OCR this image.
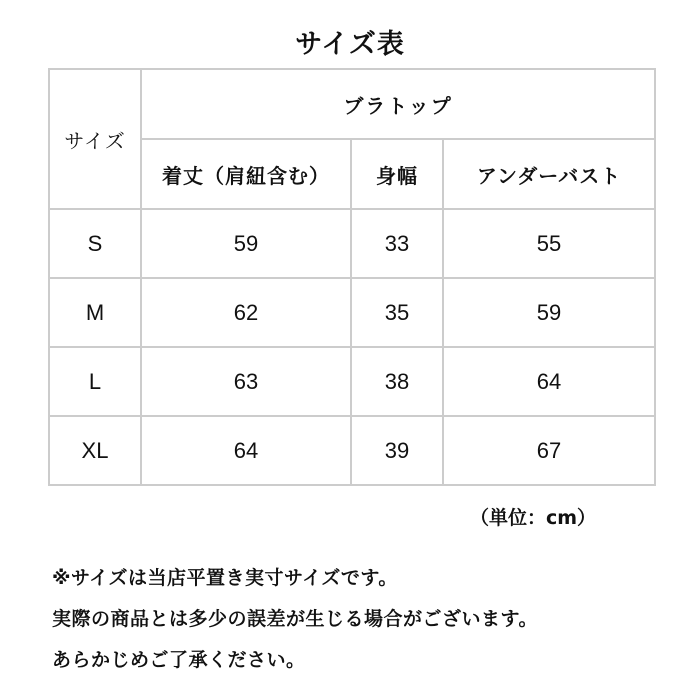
サイズ表
サイズ	ブラトップ		
	着丈（肩紐含む）	身幅	アンダーバスト
S	59	33	55
M	62	35	59
L	63	38	64
XL	64	39	67
（単位：cm）
※サイズは当店平置き実寸サイズです。
実際の商品とは多少の誤差が生じる場合がございます。
あらかじめご了承ください。
